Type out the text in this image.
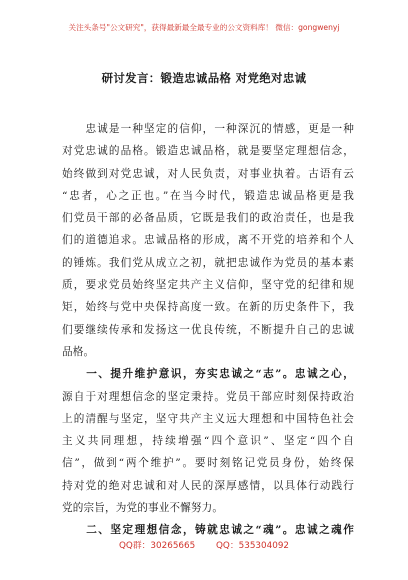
关注头条号"公文研究"，获得最新最全最专业的公文资料库！ 微信：gongwenyj
研讨发言：锻造忠诚品格 对党绝对忠诚
　　忠诚是一种坚定的信仰，一种深沉的情感，更是一种
对党忠诚的品格。锻造忠诚品格，就是要坚定理想信念，
始终做到对党忠诚，对人民负责，对事业执着。古语有云
“忠者，心之正也。”在当今时代，锻造忠诚品格更是我
们党员干部的必备品质，它既是我们的政治责任，也是我
们的道德追求。忠诚品格的形成，离不开党的培养和个人
的锤炼。我们党从成立之初，就把忠诚作为党员的基本素
质，要求党员始终坚定共产主义信仰，坚守党的纪律和规
矩，始终与党中央保持高度一致。在新的历史条件下，我
们要继续传承和发扬这一优良传统，不断提升自己的忠诚
品格。
　　一、提升维护意识，夯实忠诚之“志”。忠诚之心，
源自于对理想信念的坚定秉持。党员干部应时刻保持政治
上的清醒与坚定，坚守共产主义远大理想和中国特色社会
主义共同理想，持续增强“四个意识”、坚定“四个自
信”，做到“两个维护”。要时刻铭记党员身份，始终保
持对党的绝对忠诚和对人民的深厚感情，以具体行动践行
党的宗旨，为党的事业不懈努力。
　　二、坚定理想信念，铸就忠诚之“魂”。忠诚之魂作
QQ群：30265665 QQ：535304092
